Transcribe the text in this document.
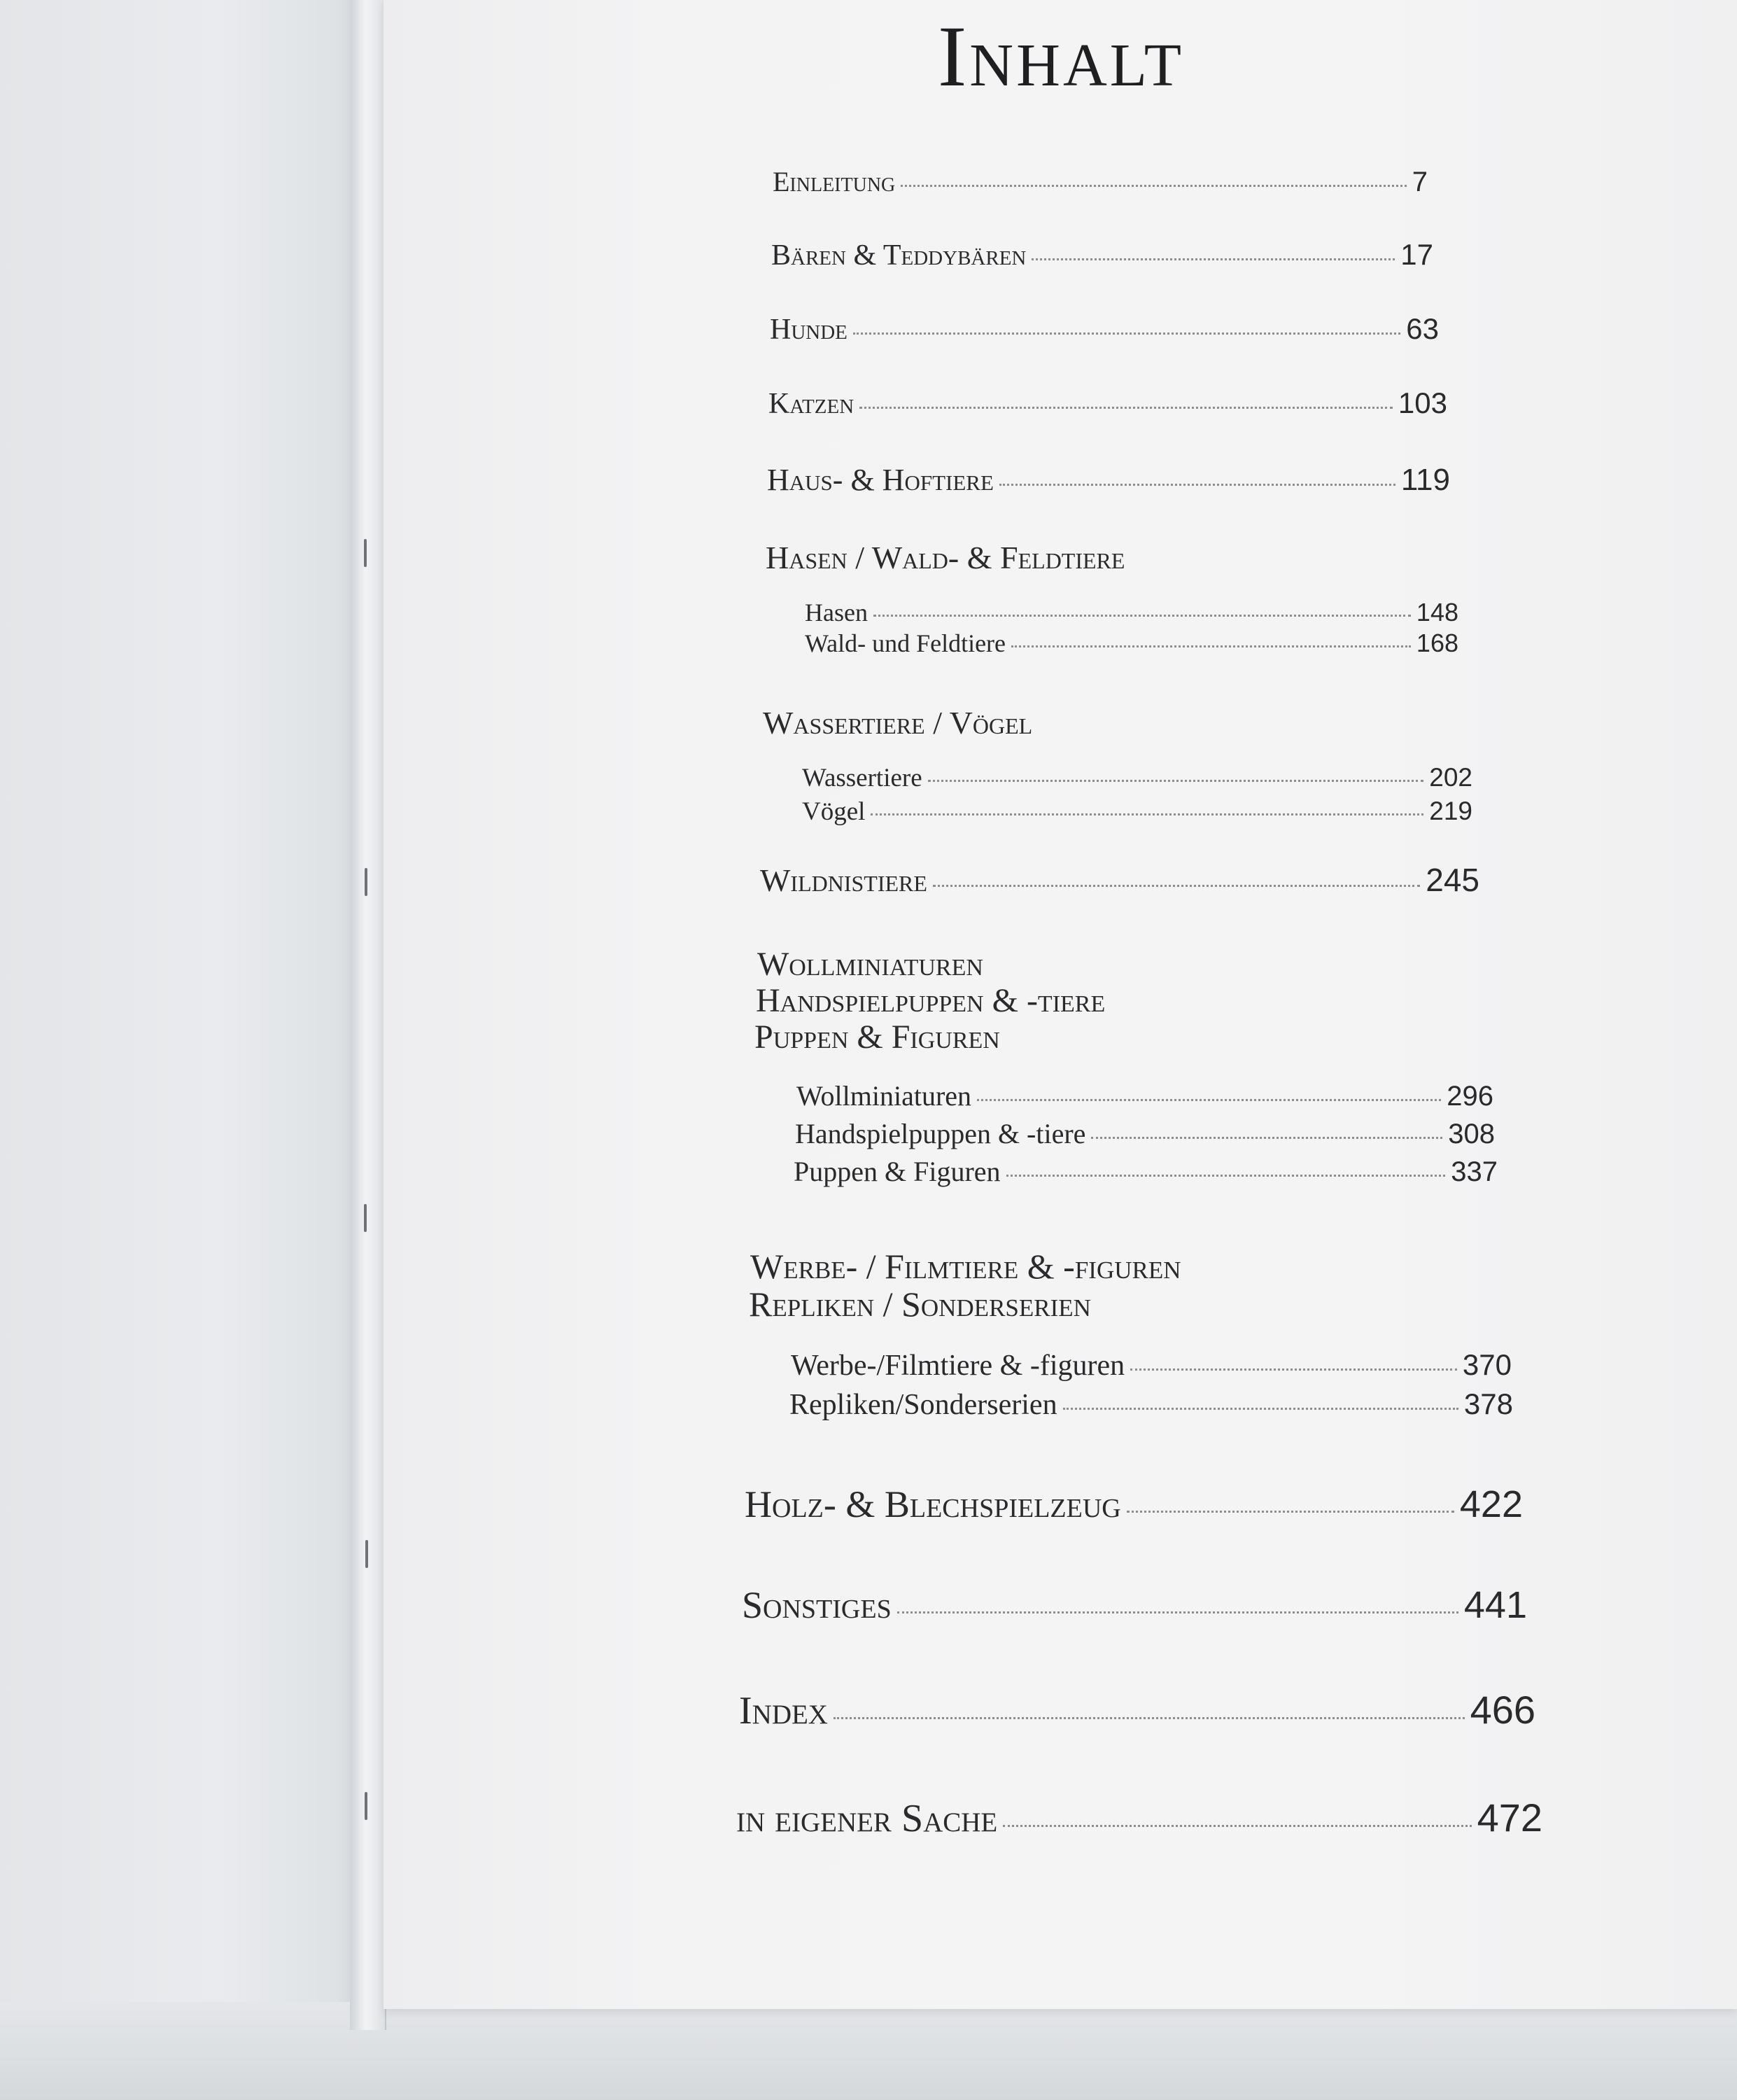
Inhalt
Einleitung	7
Bären & Teddybären	17
Hunde	63
Katzen	103
Haus- & Hoftiere	119
Hasen / Wald- & Feldtiere
Hasen	148
Wald- und Feldtiere	168
Wassertiere / Vögel
Wassertiere	202
Vögel	219
Wildnistiere	245
Wollminiaturen
Handspielpuppen & -tiere
Puppen & Figuren
Wollminiaturen	296
Handspielpuppen & -tiere	308
Puppen & Figuren	337
Werbe- / Filmtiere & -figuren
Repliken / Sonderserien
Werbe-/Filmtiere & -figuren	370
Repliken/Sonderserien	378
Holz- & Blechspielzeug	422
Sonstiges	441
Index	466
in eigener Sache	472
